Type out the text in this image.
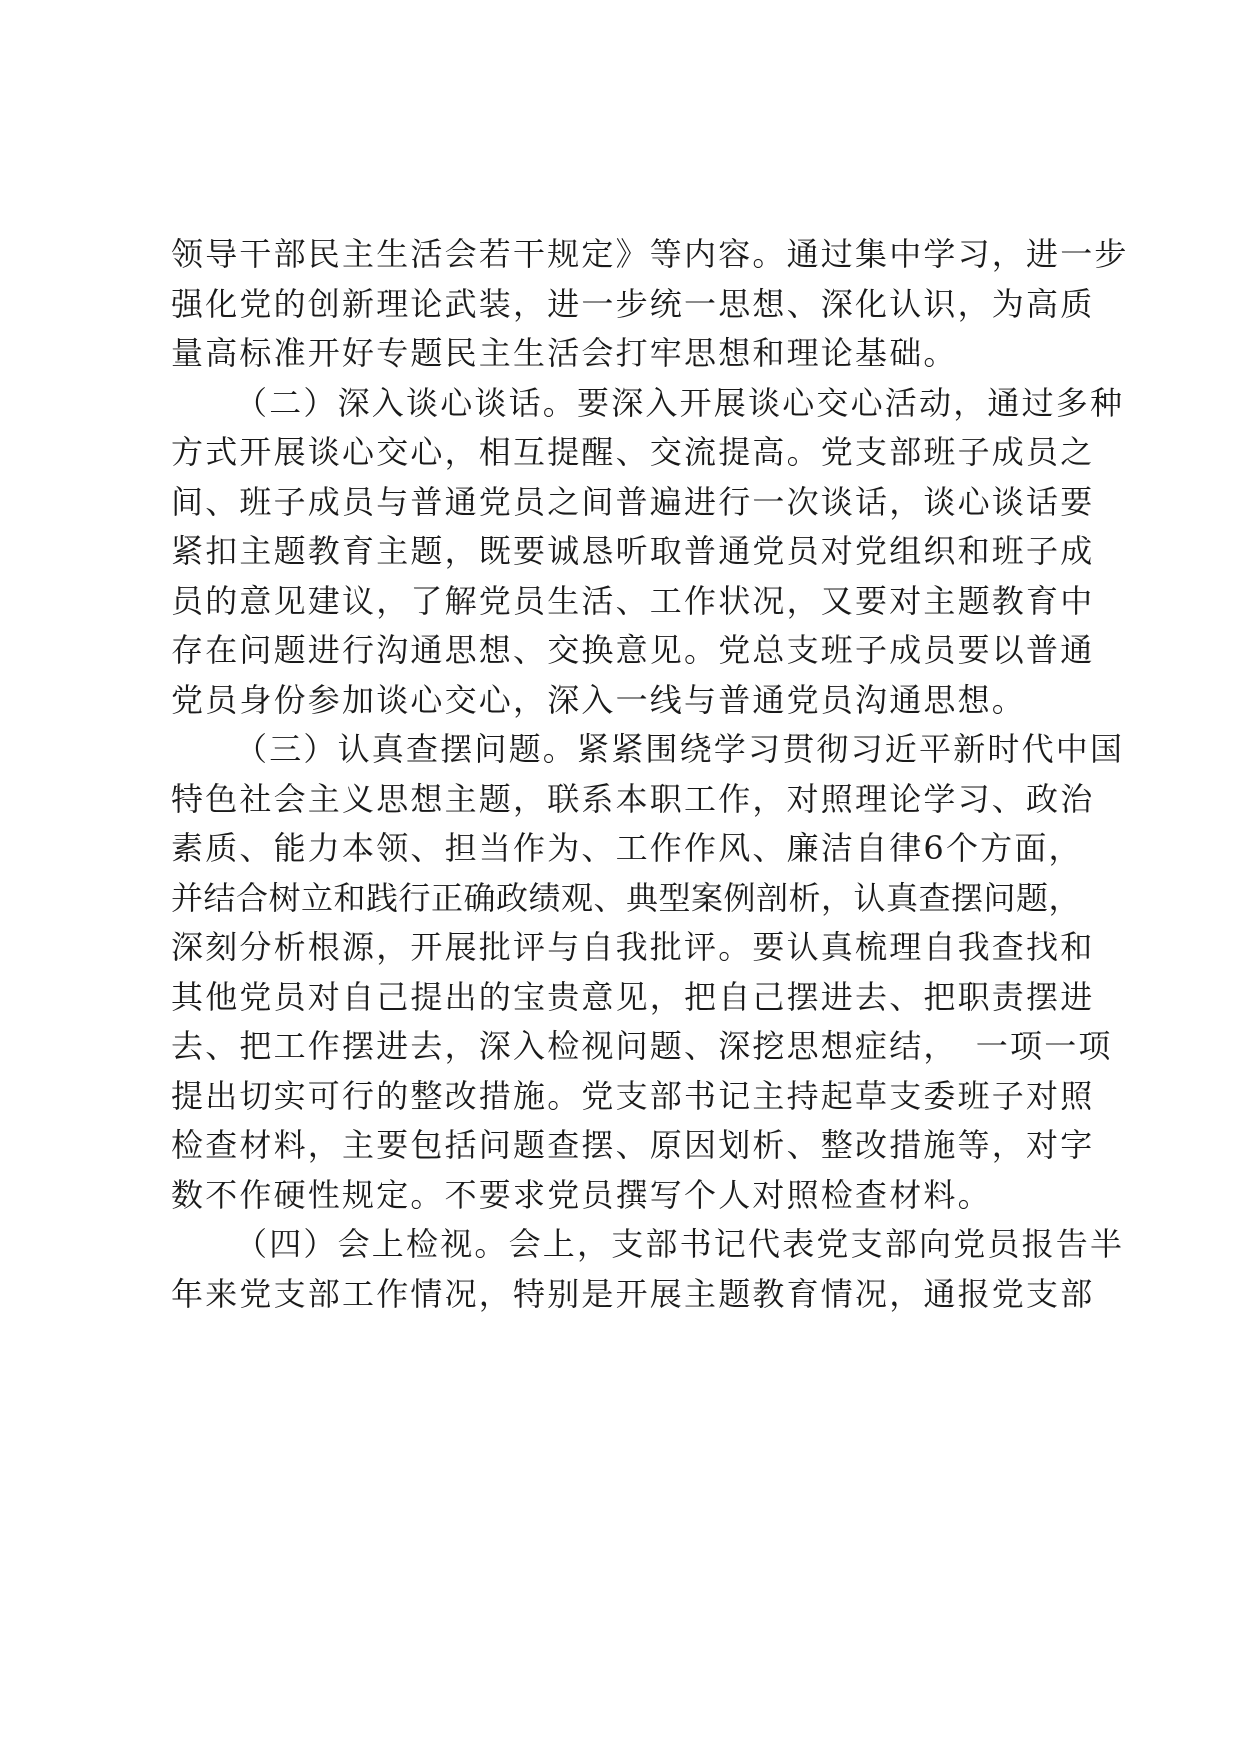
领导干部民主生活会若干规定》等内容。通过集中学习，进一步
强化党的创新理论武装，进一步统一思想、深化认识，为高质
量高标准开好专题民主生活会打牢思想和理论基础。
（二）深入谈心谈话。要深入开展谈心交心活动，通过多种
方式开展谈心交心，相互提醒、交流提高。党支部班子成员之
间、班子成员与普通党员之间普遍进行一次谈话，谈心谈话要
紧扣主题教育主题，既要诚恳听取普通党员对党组织和班子成
员的意见建议，了解党员生活、工作状况，又要对主题教育中
存在问题进行沟通思想、交换意见。党总支班子成员要以普通
党员身份参加谈心交心，深入一线与普通党员沟通思想。
（三）认真查摆问题。紧紧围绕学习贯彻习近平新时代中国
特色社会主义思想主题，联系本职工作，对照理论学习、政治
素质、能力本领、担当作为、工作作风、廉洁自律6个方面，
并结合树立和践行正确政绩观、典型案例剖析，认真查摆问题，
深刻分析根源，开展批评与自我批评。要认真梳理自我查找和
其他党员对自己提出的宝贵意见，把自己摆进去、把职责摆进
去、把工作摆进去，深入检视问题、深挖思想症结，　一项一项
提出切实可行的整改措施。党支部书记主持起草支委班子对照
检查材料，主要包括问题查摆、原因划析、整改措施等，对字
数不作硬性规定。不要求党员撰写个人对照检查材料。
（四）会上检视。会上，支部书记代表党支部向党员报告半
年来党支部工作情况，特别是开展主题教育情况，通报党支部
